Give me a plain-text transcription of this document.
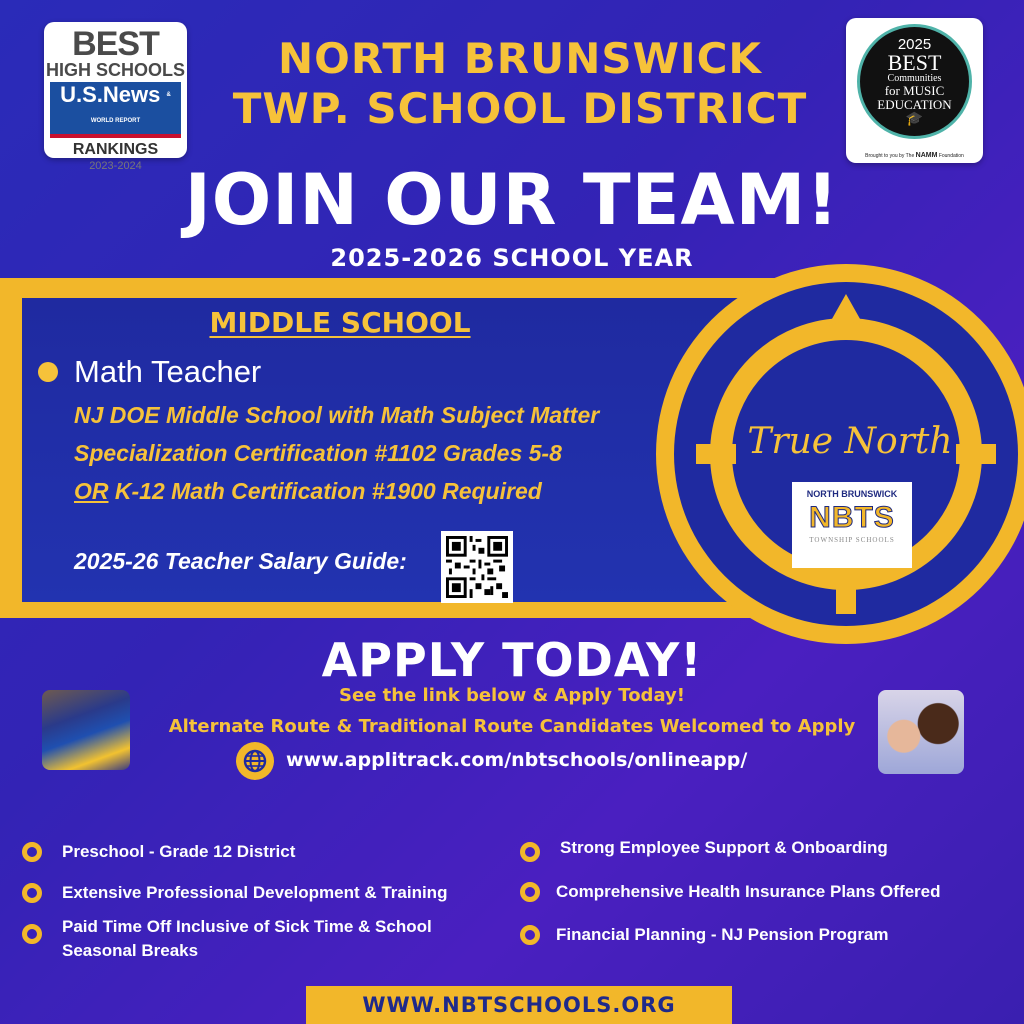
BEST
HIGH SCHOOLS
U.S.News $^{\& WORLD REPORT}$
RANKINGS
2023-2024
2025
BEST
Communities
for MUSIC
EDUCATION
🎓
Brought to you by The NAMM Foundation
NORTH BRUNSWICK
TWP. SCHOOL DISTRICT
JOIN OUR TEAM!
2025-2026 SCHOOL YEAR
MIDDLE SCHOOL
Math Teacher
NJ DOE Middle School with Math Subject Matter
Specialization Certification #1102 Grades 5-8
OR K-12 Math Certification #1900 Required
2025-26 Teacher Salary Guide:
True North
NORTH BRUNSWICK
NBTS
TOWNSHIP SCHOOLS
APPLY TODAY!
See the link below & Apply Today!
Alternate Route & Traditional Route Candidates Welcomed to Apply
www.applitrack.com/nbtschools/onlineapp/
Preschool - Grade 12 District
Extensive Professional Development & Training
Paid Time Off Inclusive of Sick Time & School Seasonal Breaks
Strong Employee Support & Onboarding
Comprehensive Health Insurance Plans Offered
Financial Planning - NJ Pension Program
WWW.NBTSCHOOLS.ORG
